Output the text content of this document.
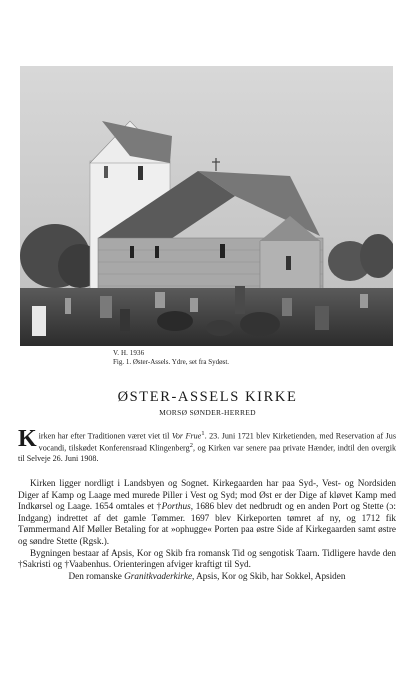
V. H. 1936
Fig. 1. Øster-Assels. Ydre, set fra Sydøst.
ØSTER-ASSELS KIRKE
MORSØ SØNDER-HERRED
Kirken har efter Traditionen været viet til Vor Frue$^1$. 23. Juni 1721 blev Kirketienden, med Reservation af Jus vocandi, tilskødet Konferensraad Klingenberg$^2$, og Kirken var senere paa private Hænder, indtil den overgik til Selveje 26. Juni 1908.

Kirken ligger nordligt i Landsbyen og Sognet. Kirkegaarden har paa Syd-, Vest- og Nordsiden Diger af Kamp og Laage med murede Piller i Vest og Syd; mod Øst er der Dige af kløvet Kamp med Indkørsel og Laage. 1654 omtales et †Porthus, 1686 blev det nedbrudt og en anden Port og Stette (ɔ: Indgang) indrettet af det gamle Tømmer. 1697 blev Kirkeporten tømret af ny, og 1712 fik Tømmermand Alf Møller Betaling for at »ophugge« Porten paa østre Side af Kirkegaarden samt østre og søndre Stette (Rgsk.).

Bygningen bestaar af Apsis, Kor og Skib fra romansk Tid og sengotisk Taarn. Tidligere havde den †Sakristi og †Vaabenhus. Orienteringen afviger kraftigt til Syd.

Den romanske Granitkvaderkirke, Apsis, Kor og Skib, har Sokkel, Apsiden
